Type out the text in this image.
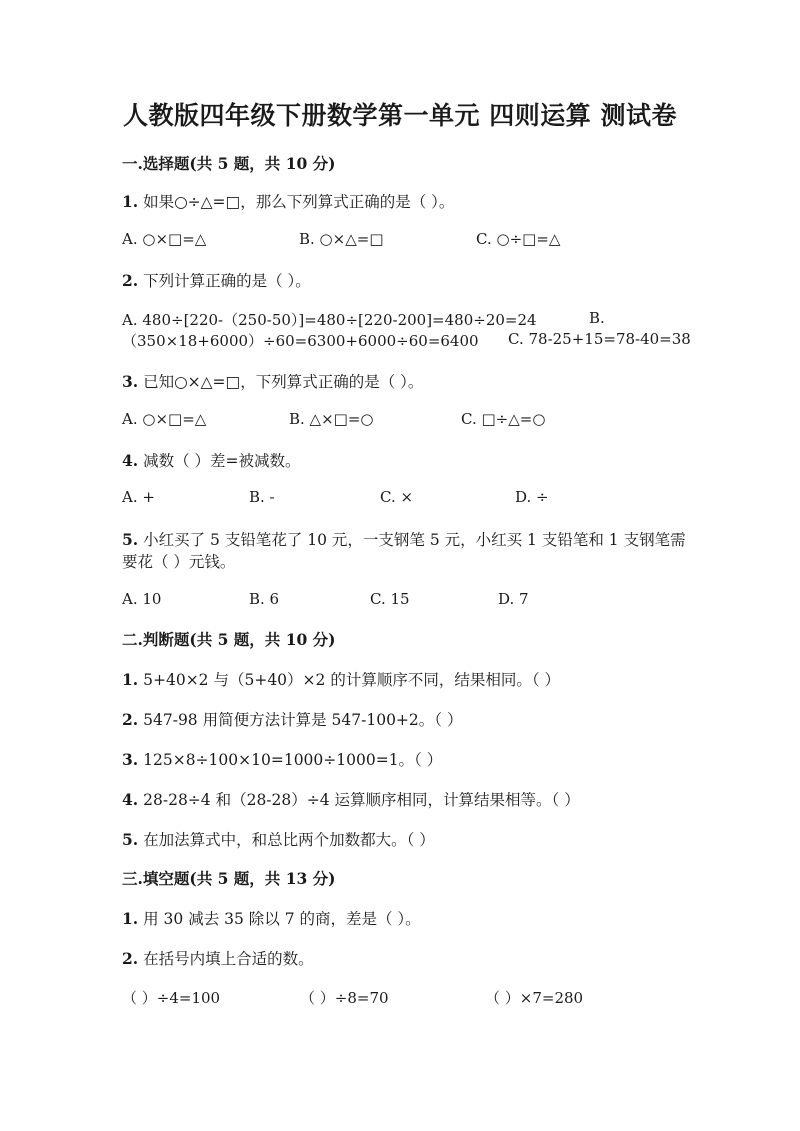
人教版四年级下册数学第一单元 四则运算 测试卷
一.选择题(共 5 题，共 10 分)
1. 如果○÷△=□，那么下列算式正确的是（ ）。
A. ○×□=△	B. ○×△=□	C. ○÷□=△
2. 下列计算正确的是（ ）。
A. 480÷[220-（250-50）]=480÷[220-200]=480÷20=24	B.
（350×18+6000）÷60=6300+6000÷60=6400 C. 78-25+15=78-40=38
3. 已知○×△=□，下列算式正确的是（ ）。
A. ○×□=△	B. △×□=○	C. □÷△=○
4. 减数（ ）差=被减数。
A. +	B. -	C. ×	D. ÷
5. 小红买了 5 支铅笔花了 10 元，一支钢笔 5 元，小红买 1 支铅笔和 1 支钢笔需
要花（ ）元钱。
A. 10	B. 6	C. 15	D. 7
二.判断题(共 5 题，共 10 分)
1. 5+40×2 与（5+40）×2 的计算顺序不同，结果相同。（ ）
2. 547-98 用简便方法计算是 547-100+2。（ ）
3. 125×8÷100×10=1000÷1000=1。（ ）
4. 28-28÷4 和（28-28）÷4 运算顺序相同，计算结果相等。（ ）
5. 在加法算式中，和总比两个加数都大。（ ）
三.填空题(共 5 题，共 13 分)
1. 用 30 减去 35 除以 7 的商，差是（ ）。
2. 在括号内填上合适的数。
（ ）÷4=100	（ ）÷8=70	（ ）×7=280
